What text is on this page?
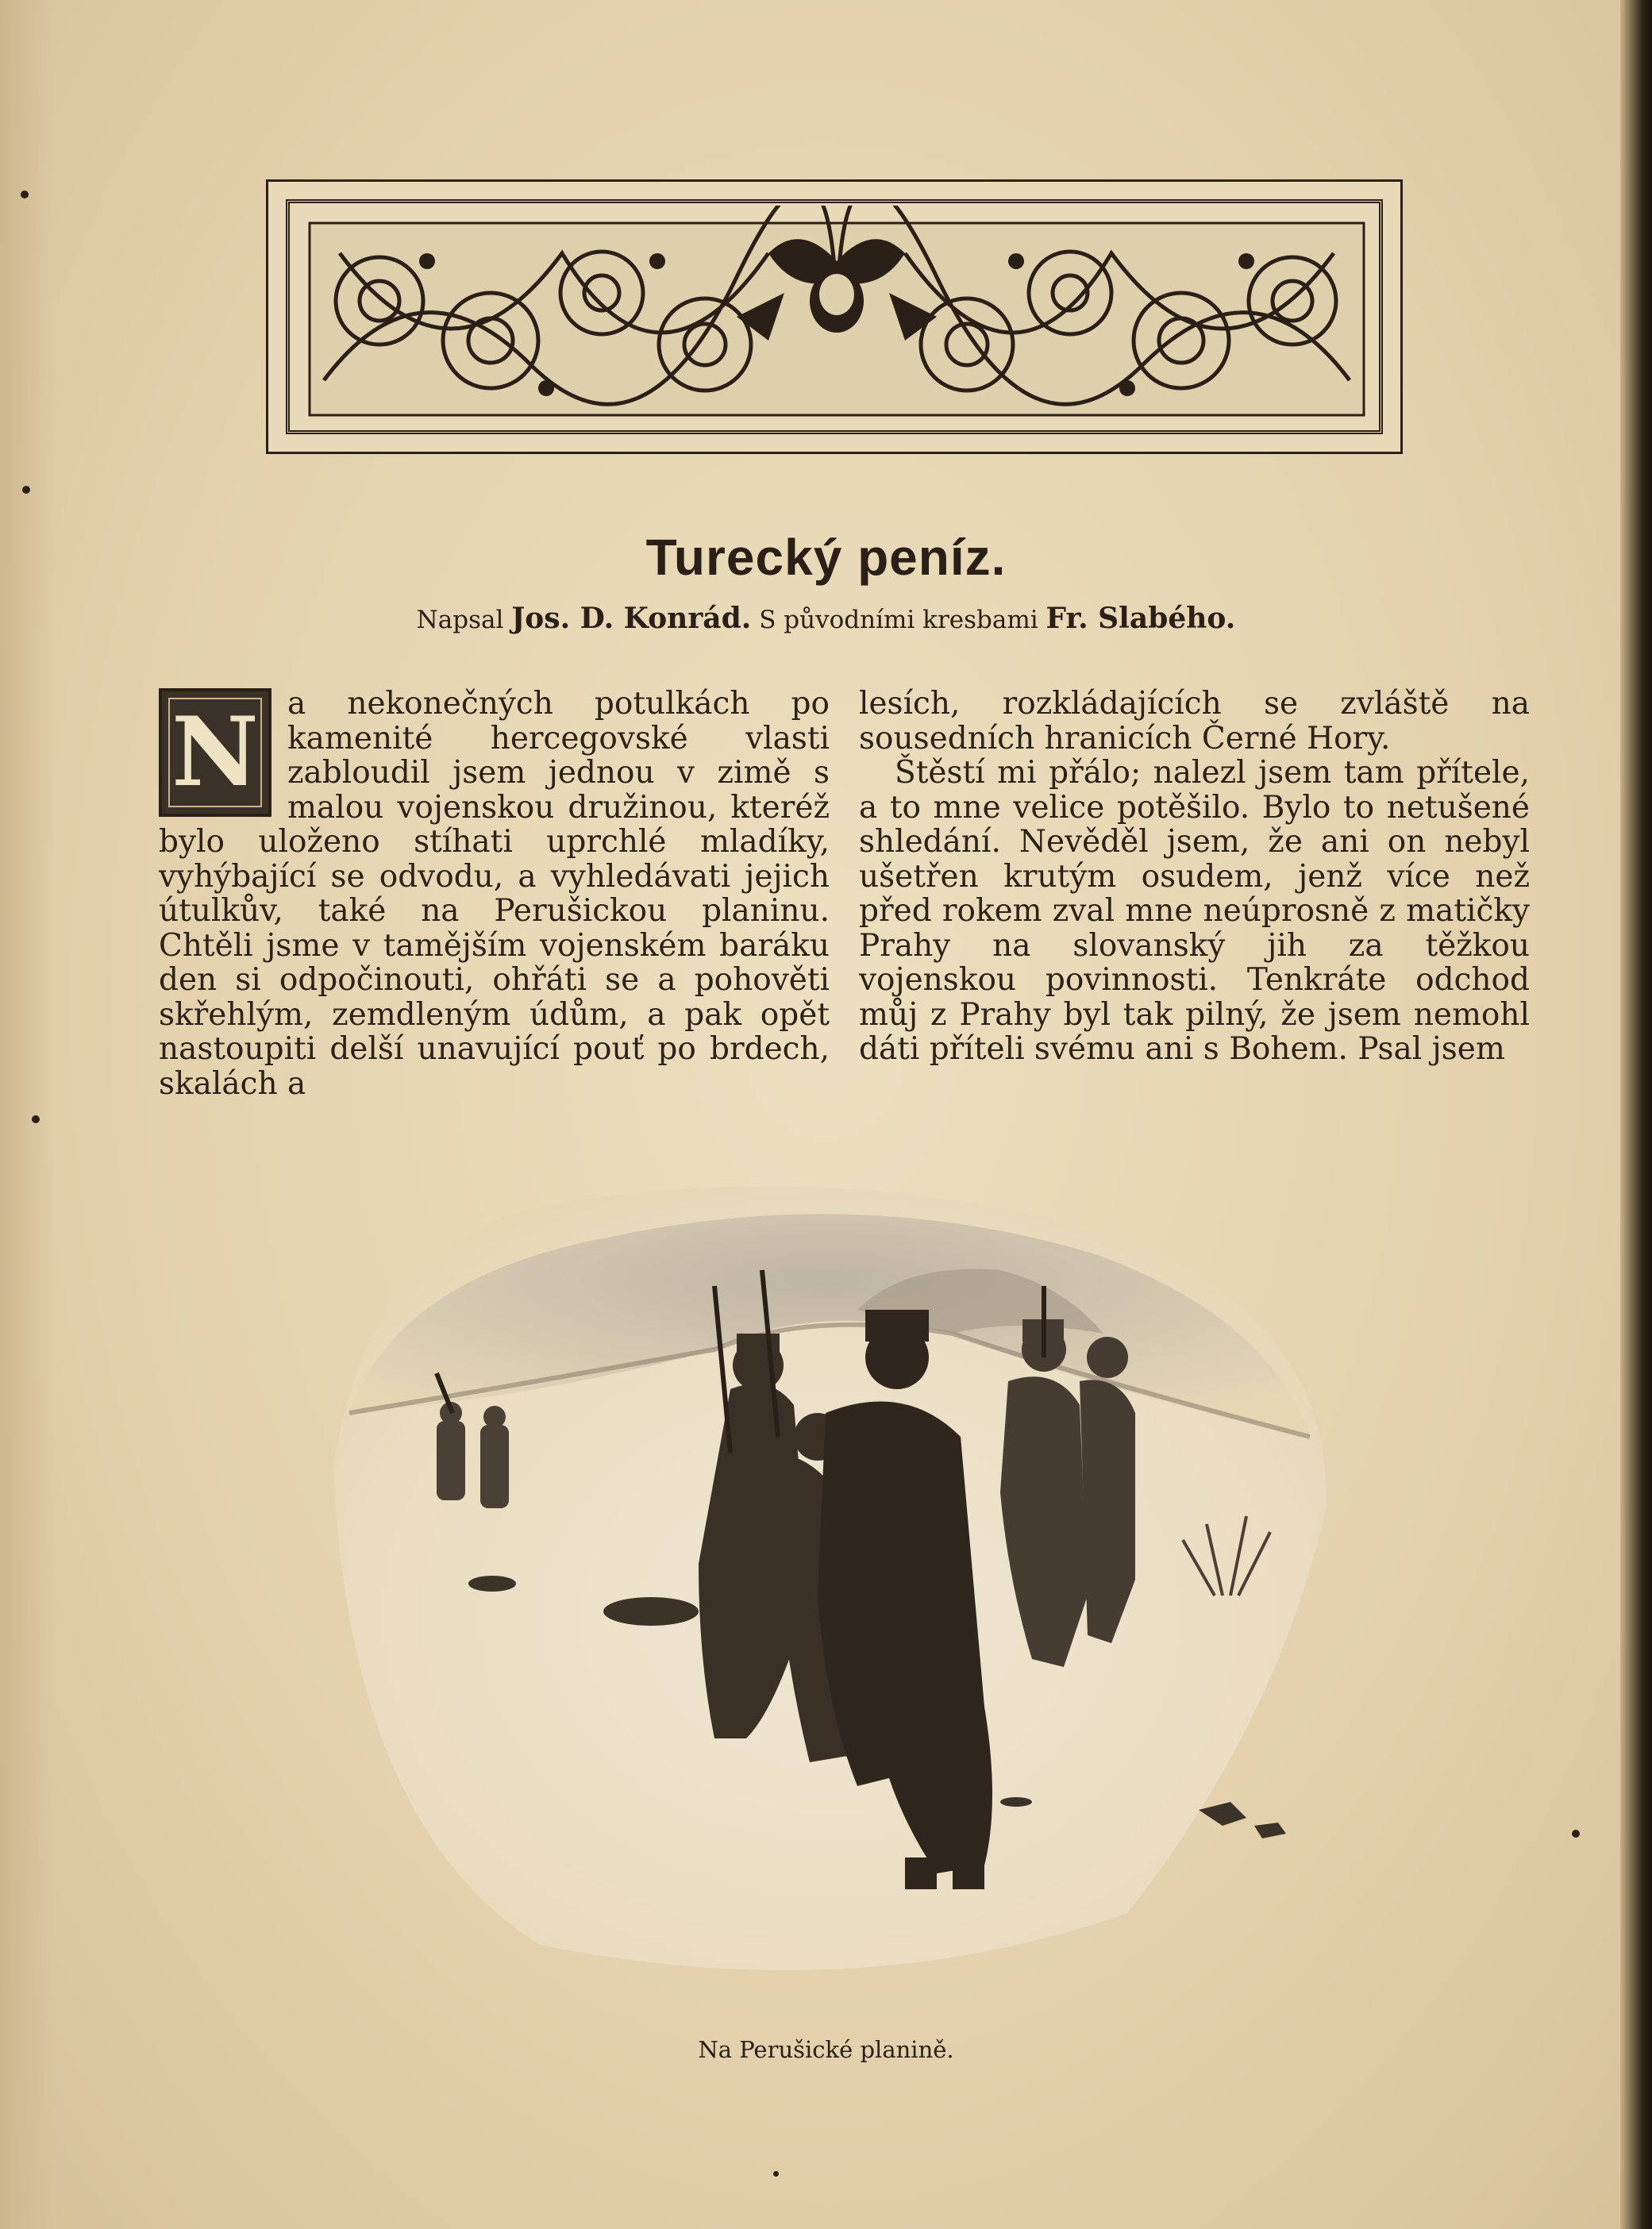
Turecký peníz.
Napsal Jos. D. Konrád. S původními kresbami Fr. Slabého.
N a nekonečných potulkách po kamenité hercegovské vlasti zabloudil jsem jednou v zimě s malou vojenskou družinou, kteréž bylo uloženo stíhati uprchlé mladíky, vyhýbající se odvodu, a vyhledávati jejich útulkův, také na Perušickou planinu. Chtěli jsme v tamějším vojenském baráku den si odpočinouti, ohřáti se a pohověti skřehlým, zemdleným údům, a pak opět nastoupiti delší unavující pouť po brdech, skalách a

lesích, rozkládajících se zvláště na sousedních hranicích Černé Hory.

Štěstí mi přálo; nalezl jsem tam přítele, a to mne velice potěšilo. Bylo to netušené shledání. Nevěděl jsem, že ani on nebyl ušetřen krutým osudem, jenž více než před rokem zval mne neúprosně z matičky Prahy na slovanský jih za těžkou vojenskou povinnosti. Tenkráte odchod můj z Prahy byl tak pilný, že jsem nemohl dáti příteli svému ani s Bohem. Psal jsem

Na Perušické planině.
